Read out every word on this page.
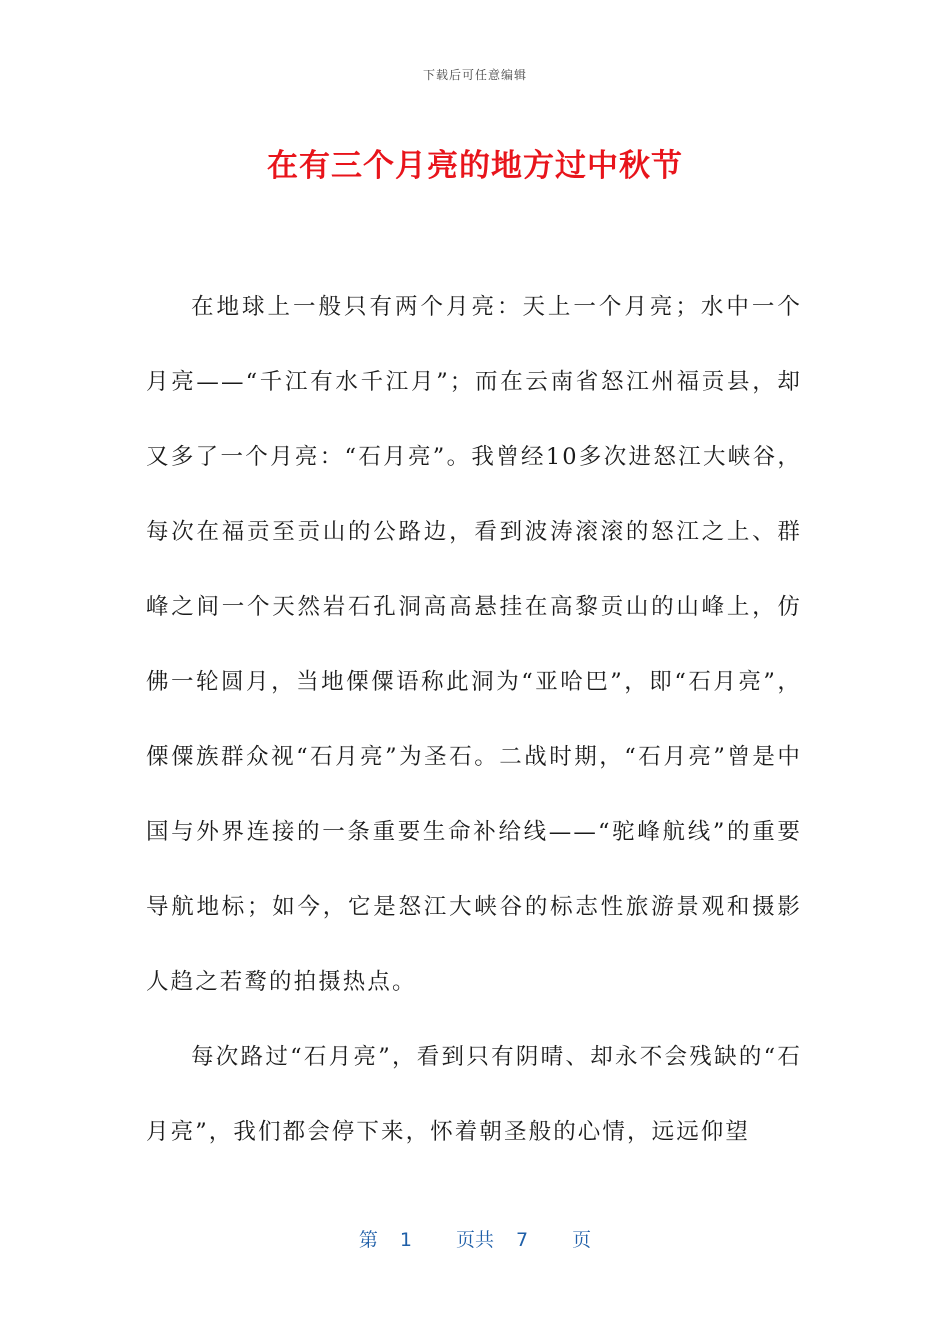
下载后可任意编辑
在有三个月亮的地方过中秋节

在地球上一般只有两个月亮：天上一个月亮；水中一个月亮——“千江有水千江月”；而在云南省怒江州福贡县，却又多了一个月亮：“石月亮”。我曾经10多次进怒江大峡谷，每次在福贡至贡山的公路边，看到波涛滚滚的怒江之上、群峰之间一个天然岩石孔洞高高悬挂在高黎贡山的山峰上，仿佛一轮圆月，当地傈僳语称此洞为“亚哈巴”，即“石月亮”，傈僳族群众视“石月亮”为圣石。二战时期，“石月亮”曾是中国与外界连接的一条重要生命补给线——“驼峰航线”的重要导航地标；如今，它是怒江大峡谷的标志性旅游景观和摄影人趋之若鹜的拍摄热点。

每次路过“石月亮”，看到只有阴晴、却永不会残缺的“石月亮”，我们都会停下来，怀着朝圣般的心情，远远仰望

第 1 页共 7 页
